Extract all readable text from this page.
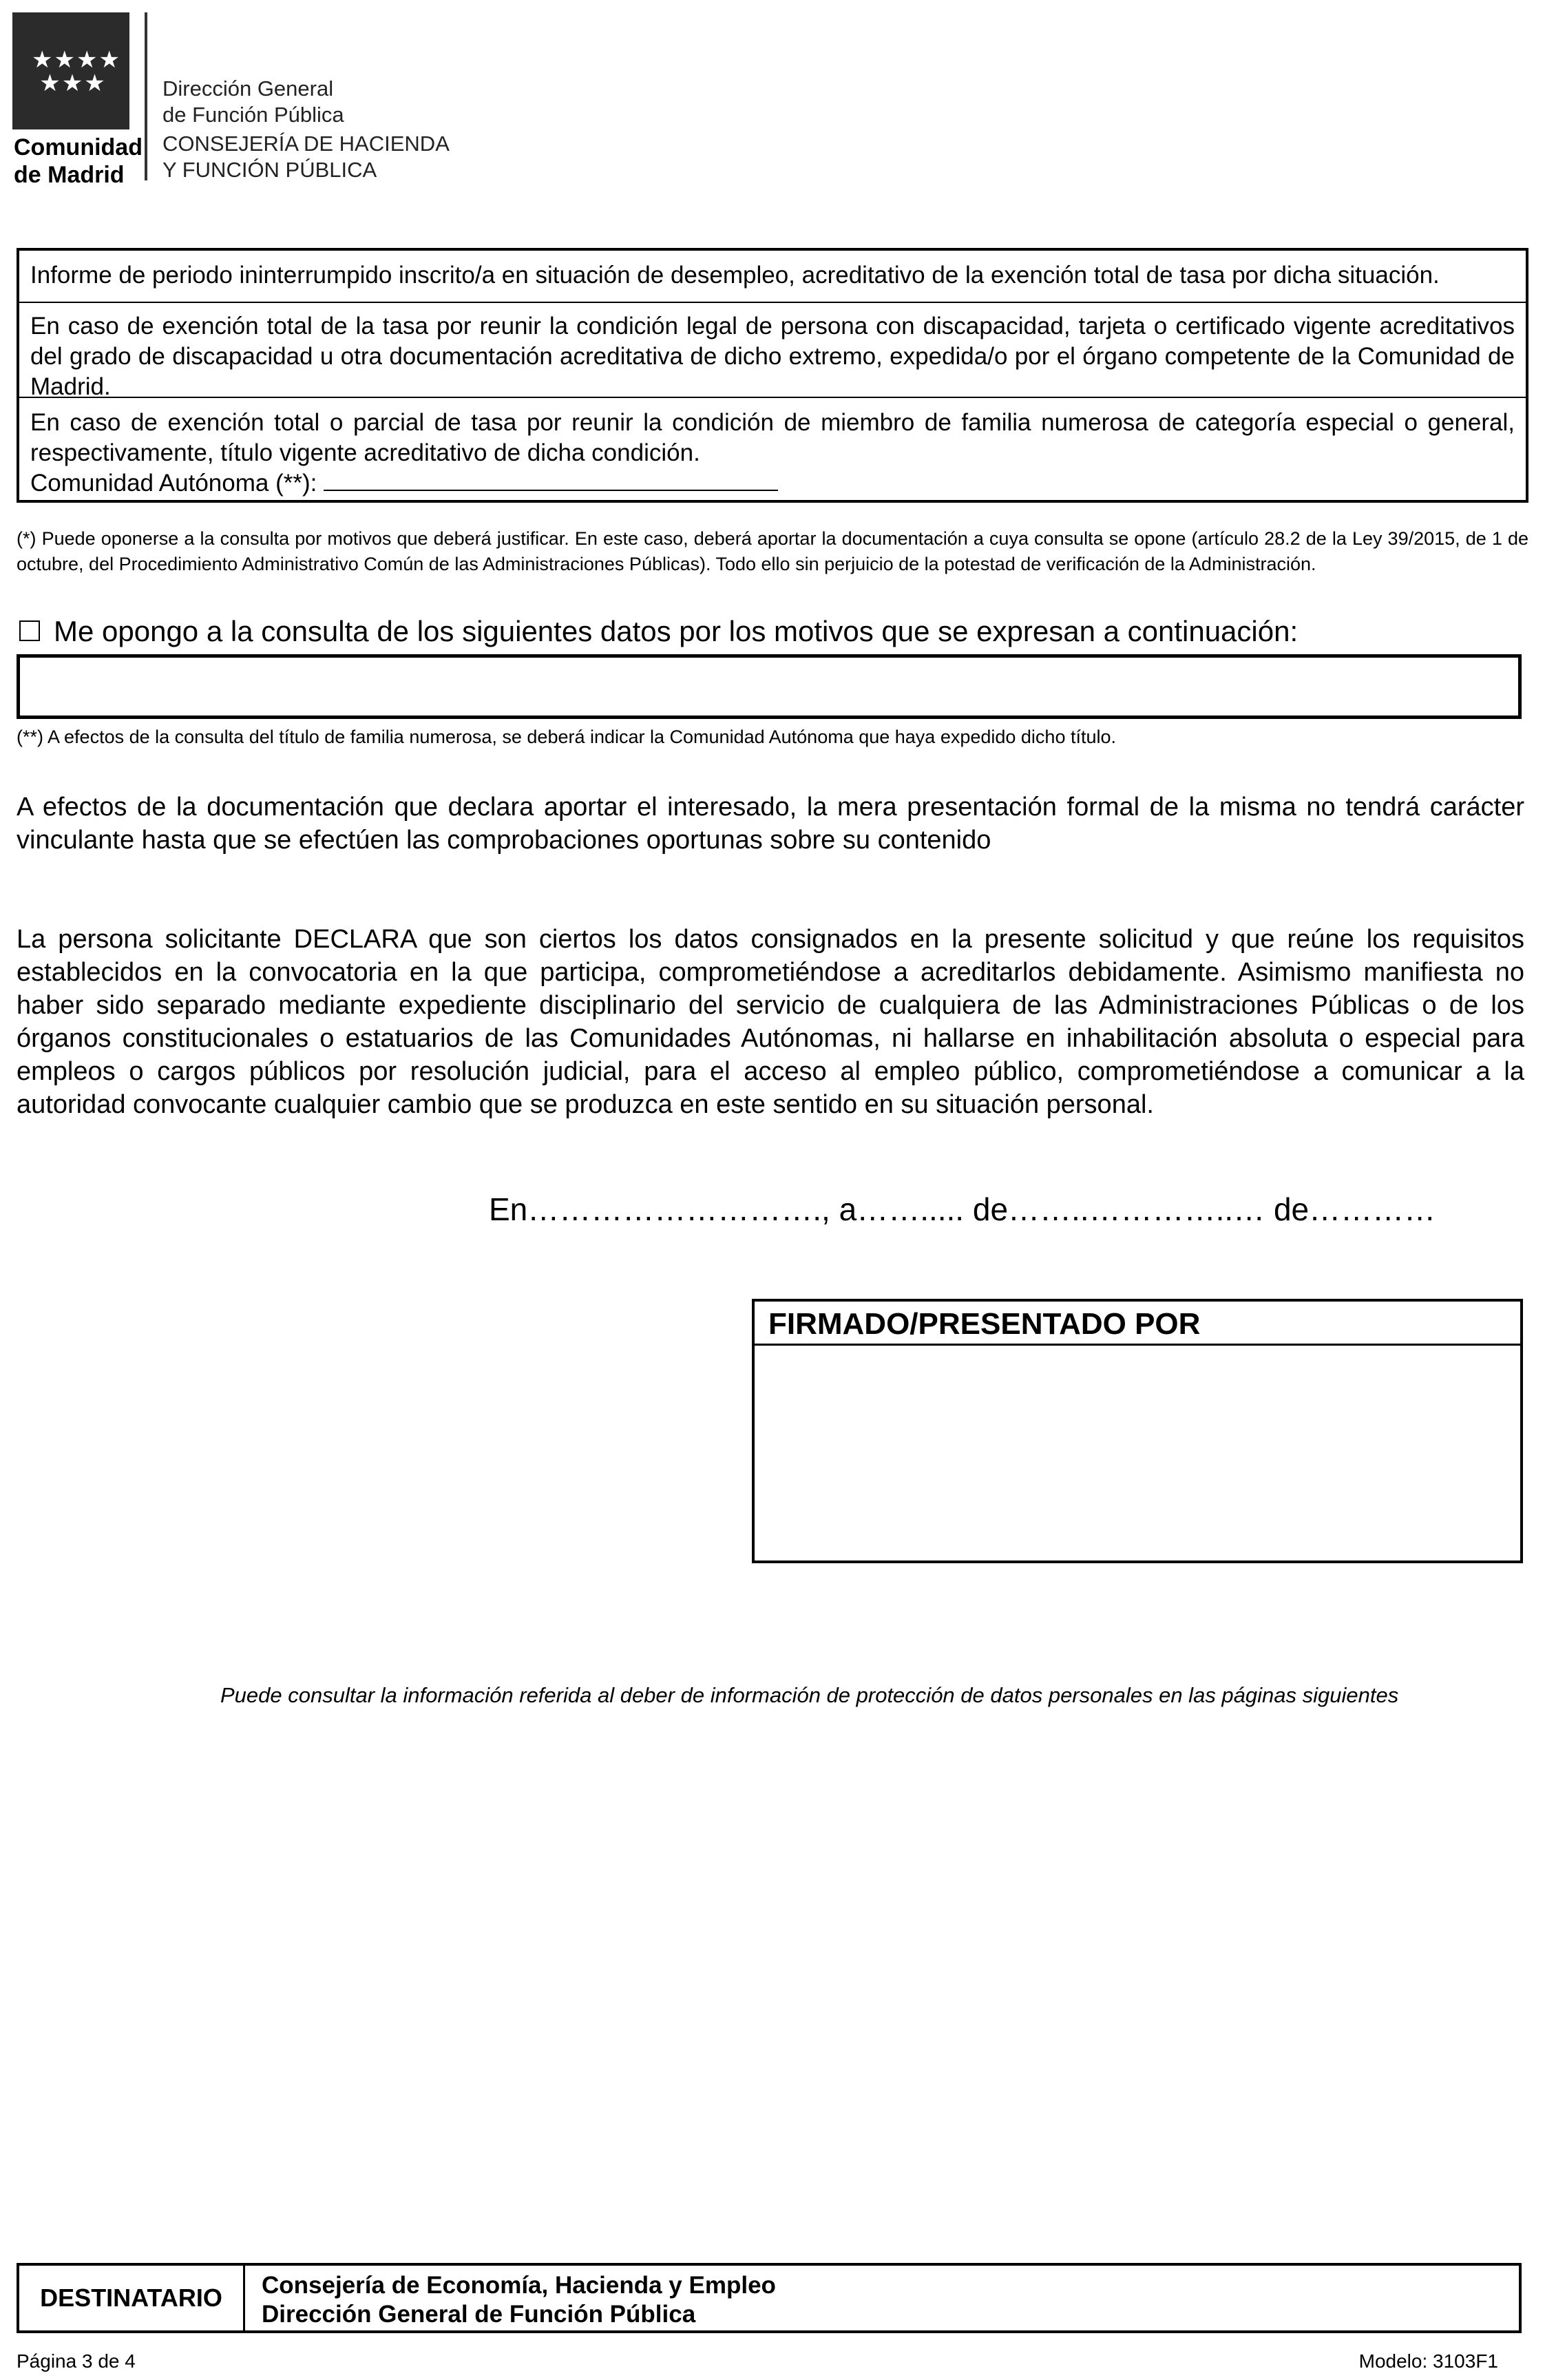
★★★★
★★★
Comunidad
de Madrid
Dirección General
de Función Pública
CONSEJERÍA DE HACIENDA
Y FUNCIÓN PÚBLICA
Informe de periodo ininterrumpido inscrito/a en situación de desempleo, acreditativo de la exención total de tasa por dicha situación.
En caso de exención total de la tasa por reunir la condición legal de persona con discapacidad, tarjeta o certificado vigente acreditativos del grado de discapacidad u otra documentación acreditativa de dicho extremo, expedida/o por el órgano competente de la Comunidad de Madrid.
En caso de exención total o parcial de tasa por reunir la condición de miembro de familia numerosa de categoría especial o general, respectivamente, título vigente acreditativo de dicha condición.
Comunidad Autónoma (**):
(*) Puede oponerse a la consulta por motivos que deberá justificar. En este caso, deberá aportar la documentación a cuya consulta se opone (artículo 28.2 de la Ley 39/2015, de 1 de octubre, del Procedimiento Administrativo Común de las Administraciones Públicas). Todo ello sin perjuicio de la potestad de verificación de la Administración.
Me opongo a la consulta de los siguientes datos por los motivos que se expresan a continuación:
(**) A efectos de la consulta del título de familia numerosa, se deberá indicar la Comunidad Autónoma que haya expedido dicho título.
A efectos de la documentación que declara aportar el interesado, la mera presentación formal de la misma no tendrá carácter vinculante hasta que se efectúen las comprobaciones oportunas sobre su contenido
La persona solicitante DECLARA que son ciertos los datos consignados en la presente solicitud y que reúne los requisitos establecidos en la convocatoria en la que participa, comprometiéndose a acreditarlos debidamente. Asimismo manifiesta no haber sido separado mediante expediente disciplinario del servicio de cualquiera de las Administraciones Públicas o de los órganos constitucionales o estatuarios de las Comunidades Autónomas, ni hallarse en inhabilitación absoluta o especial para empleos o cargos públicos por resolución judicial, para el acceso al empleo público, comprometiéndose a comunicar a la autoridad convocante cualquier cambio que se produzca en este sentido en su situación personal.
En………………………., a……..... de……..…………..… de…………
FIRMADO/PRESENTADO POR
Puede consultar la información referida al deber de información de protección de datos personales en las páginas siguientes
DESTINATARIO	Consejería de Economía, Hacienda y Empleo
Dirección General de Función Pública
Página 3 de 4	Modelo: 3103F1
